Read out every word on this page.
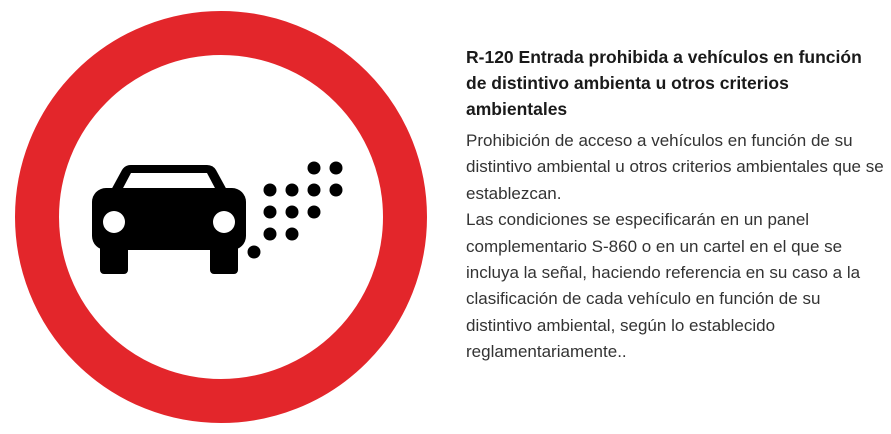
R-120 Entrada prohibida a vehículos en función de distintivo ambienta u otros criterios ambientales

Prohibición de acceso a vehículos en función de su distintivo ambiental u otros criterios ambientales que se establezcan.

Las condiciones se especificarán en un panel complementario S-860 o en un cartel en el que se incluya la señal, haciendo referencia en su caso a la clasificación de cada vehículo en función de su distintivo ambiental, según lo establecido reglamentariamente..
